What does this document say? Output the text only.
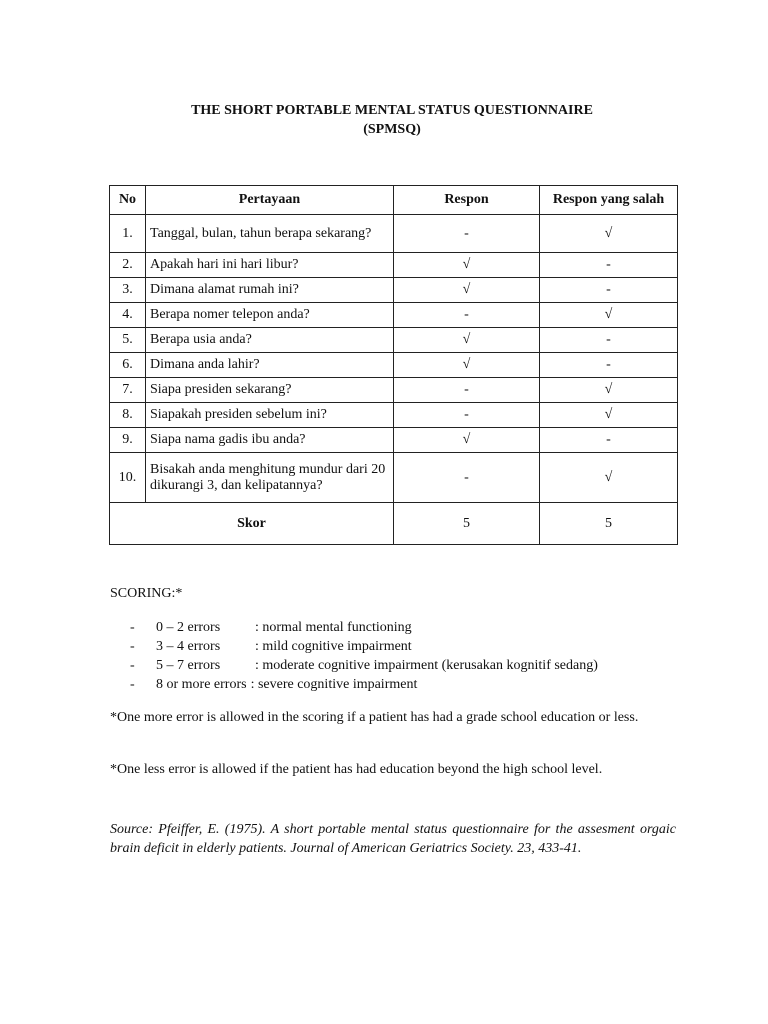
THE SHORT PORTABLE MENTAL STATUS QUESTIONNAIRE
(SPMSQ)
No	Pertayaan	Respon	Respon yang salah
1.	Tanggal, bulan, tahun berapa sekarang?	-	√
2.	Apakah hari ini hari libur?	√	-
3.	Dimana alamat rumah ini?	√	-
4.	Berapa nomer telepon anda?	-	√
5.	Berapa usia anda?	√	-
6.	Dimana anda lahir?	√	-
7.	Siapa presiden sekarang?	-	√
8.	Siapakah presiden sebelum ini?	-	√
9.	Siapa nama gadis ibu anda?	√	-
10.	Bisakah anda menghitung mundur dari 20 dikurangi 3, dan kelipatannya?	-	√
Skor		5	5
SCORING:*
-	0 – 2 errors	: normal mental functioning
-	3 – 4 errors	: mild cognitive impairment
-	5 – 7 errors	: moderate cognitive impairment (kerusakan kognitif sedang)
-	8 or more errors : severe cognitive impairment
*One more error is allowed in the scoring if a patient has had a grade school education or less.
*One less error is allowed if the patient has had education beyond the high school level.
Source: Pfeiffer, E. (1975). A short portable mental status questionnaire for the assesment orgaic brain deficit in elderly patients. Journal of American Geriatrics Society. 23, 433-41.
